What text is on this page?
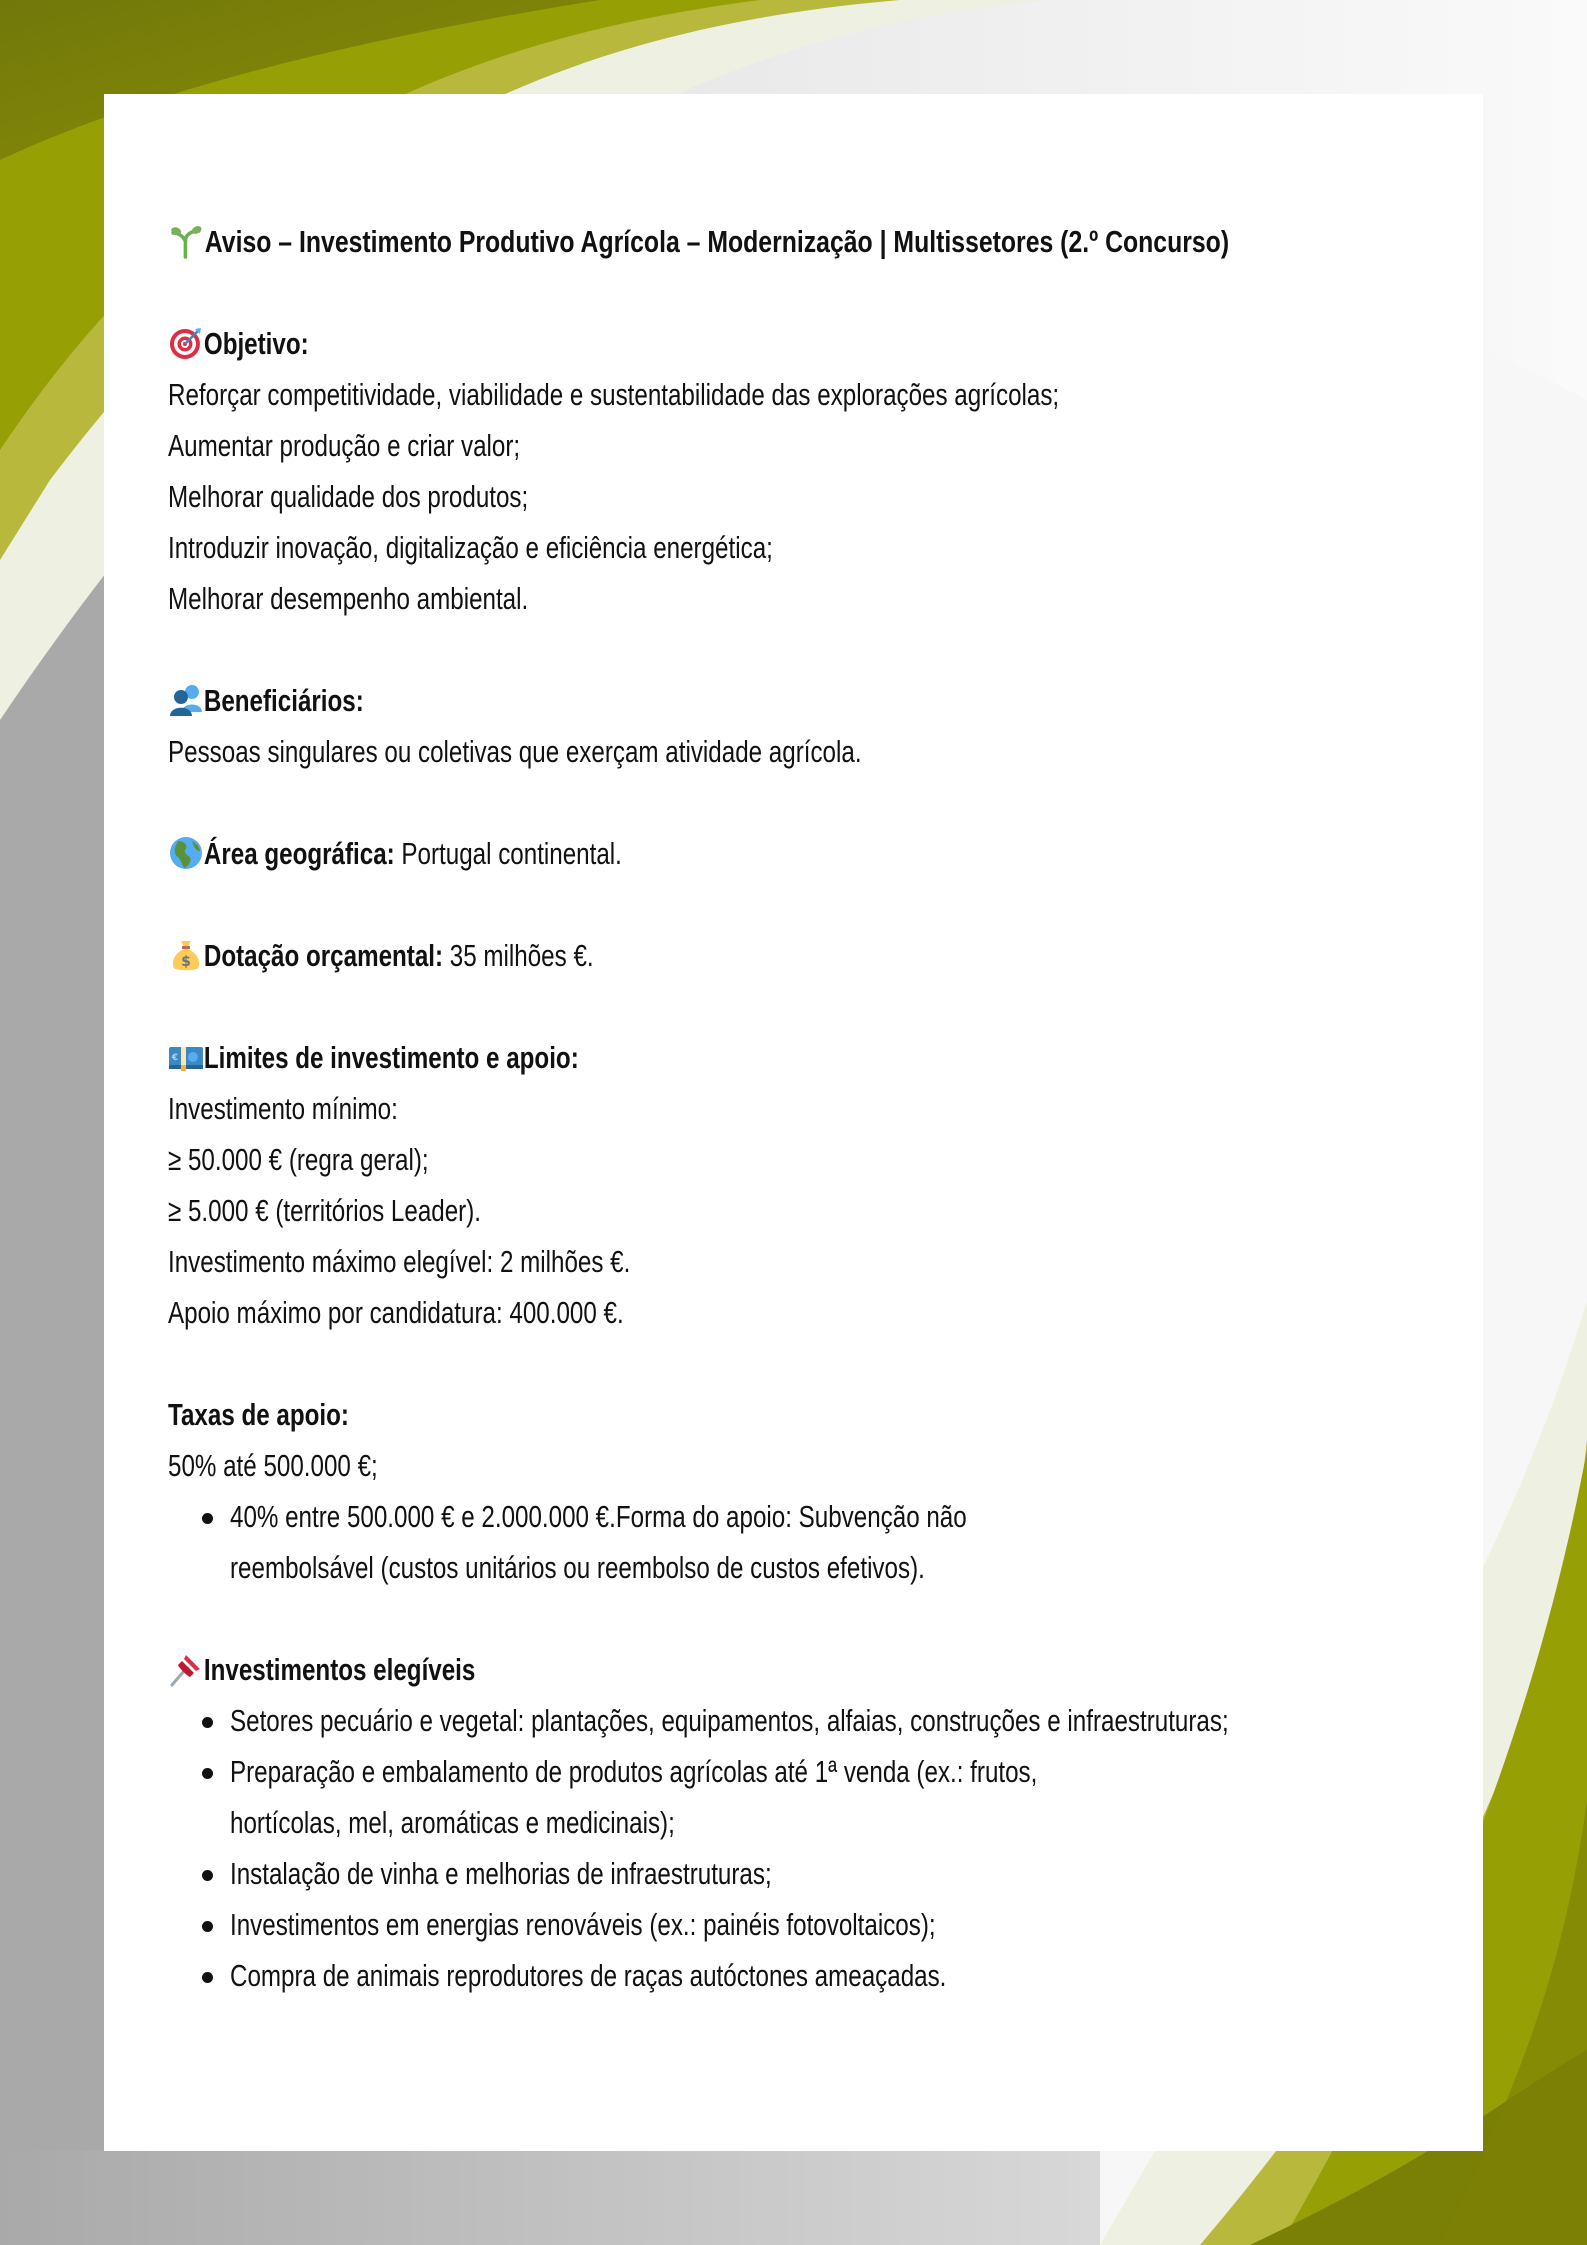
Aviso – Investimento Produtivo Agrícola – Modernização | Multissetores (2.º Concurso)
Objetivo:
Reforçar competitividade, viabilidade e sustentabilidade das explorações agrícolas;
Aumentar produção e criar valor;
Melhorar qualidade dos produtos;
Introduzir inovação, digitalização e eficiência energética;
Melhorar desempenho ambiental.
Beneficiários:
Pessoas singulares ou coletivas que exerçam atividade agrícola.
Área geográfica: Portugal continental.
$ Dotação orçamental: 35 milhões €.
€ Limites de investimento e apoio:
Investimento mínimo:
≥ 50.000 € (regra geral);
≥ 5.000 € (territórios Leader).
Investimento máximo elegível: 2 milhões €.
Apoio máximo por candidatura: 400.000 €.
Taxas de apoio:
50% até 500.000 €;
40% entre 500.000 € e 2.000.000 €.Forma do apoio: Subvenção não reembolsável (custos unitários ou reembolso de custos efetivos).
Investimentos elegíveis
Setores pecuário e vegetal: plantações, equipamentos, alfaias, construções e infraestruturas;
Preparação e embalamento de produtos agrícolas até 1ª venda (ex.: frutos, hortícolas, mel, aromáticas e medicinais);
Instalação de vinha e melhorias de infraestruturas;
Investimentos em energias renováveis (ex.: painéis fotovoltaicos);
Compra de animais reprodutores de raças autóctones ameaçadas.
